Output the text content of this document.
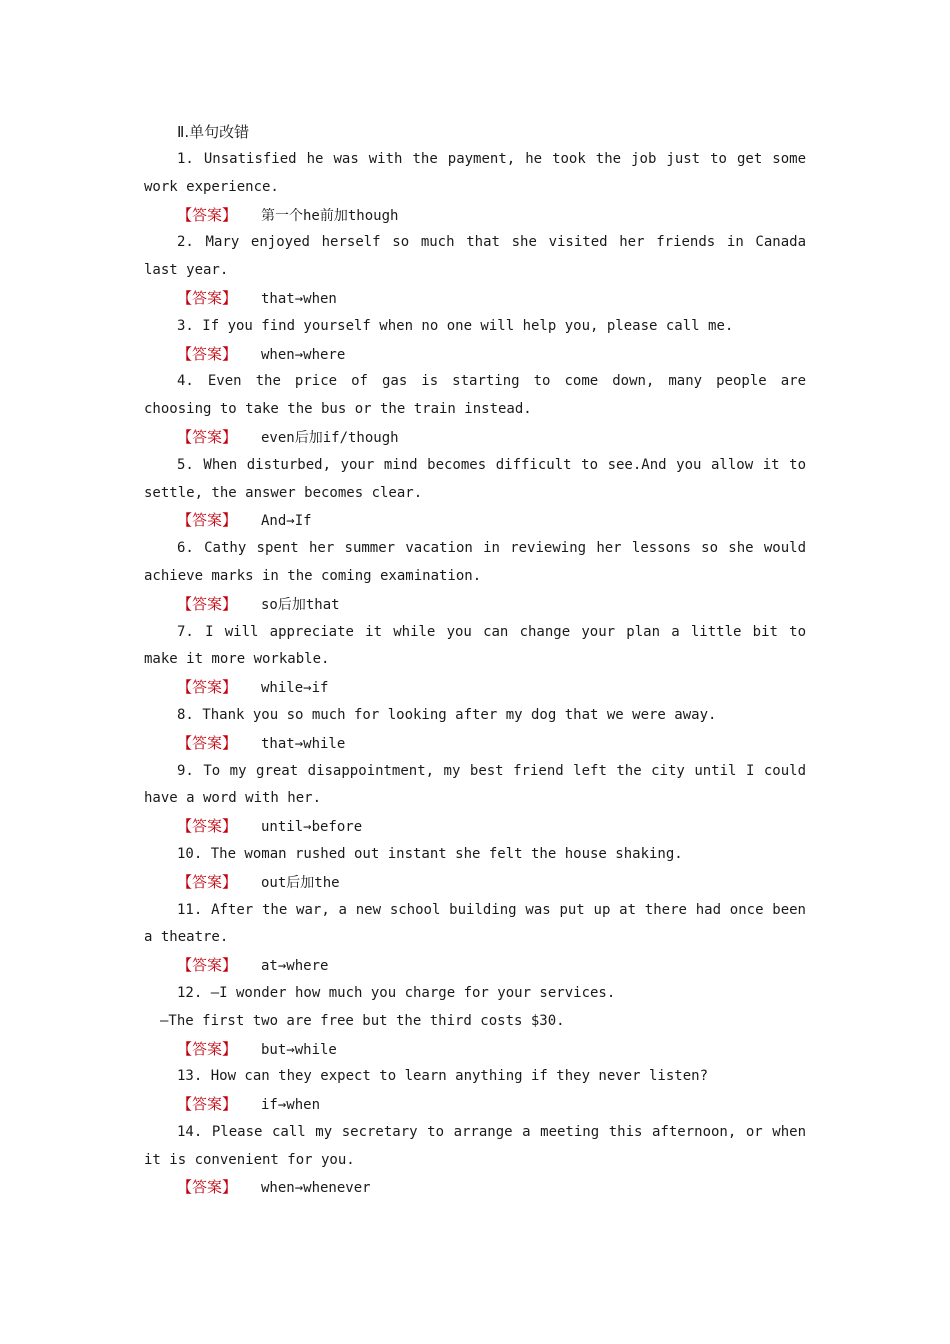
Ⅱ.单句改错

1. Unsatisfied he was with the payment, he took the job just to get some work experience.

【答案】 第一个he前加though

2. Mary enjoyed herself so much that she visited her friends in Canada last year.

【答案】 that→when

3. If you find yourself when no one will help you, please call me.

【答案】 when→where

4. Even the price of gas is starting to come down, many people are choosing to take the bus or the train instead.

【答案】 even后加if/though

5. When disturbed, your mind becomes difficult to see.And you allow it to settle, the answer becomes clear.

【答案】 And→If

6. Cathy spent her summer vacation in reviewing her lessons so she would achieve marks in the coming examination.

【答案】 so后加that

7. I will appreciate it while you can change your plan a little bit to make it more workable.

【答案】 while→if

8. Thank you so much for looking after my dog that we were away.

【答案】 that→while

9. To my great disappointment, my best friend left the city until I could have a word with her.

【答案】 until→before

10. The woman rushed out instant she felt the house shaking.

【答案】 out后加the

11. After the war, a new school building was put up at there had once been a theatre.

【答案】 at→where

12. —I wonder how much you charge for your services.

—The first two are free but the third costs $30.

【答案】 but→while

13. How can they expect to learn anything if they never listen?

【答案】 if→when

14. Please call my secretary to arrange a meeting this afternoon, or when it is convenient for you.

【答案】 when→whenever
